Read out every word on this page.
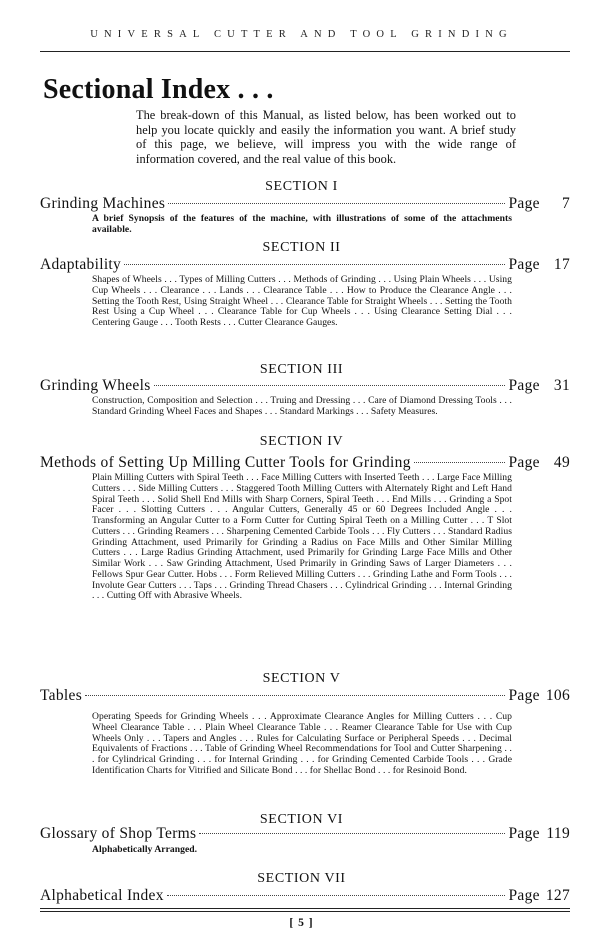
UNIVERSAL CUTTER AND TOOL GRINDING
Sectional Index . . .

The break-down of this Manual, as listed below, has been worked out to help you locate quickly and easily the information you want. A brief study of this page, we believe, will impress you with the wide range of information covered, and the real value of this book.

SECTION I
Grinding Machines	Page 7

A brief Synopsis of the features of the machine, with illustrations of some of the attachments available.

SECTION II
Adaptability	Page 17

Shapes of Wheels . . . Types of Milling Cutters . . . Methods of Grinding . . . Using Plain Wheels . . . Using Cup Wheels . . . Clearance . . . Lands . . . Clearance Table . . . How to Produce the Clearance Angle . . . Setting the Tooth Rest, Using Straight Wheel . . . Clearance Table for Straight Wheels . . . Setting the Tooth Rest Using a Cup Wheel . . . Clearance Table for Cup Wheels . . . Using Clearance Setting Dial . . . Centering Gauge . . . Tooth Rests . . . Cutter Clearance Gauges.

SECTION III
Grinding Wheels	Page 31

Construction, Composition and Selection . . . Truing and Dressing . . . Care of Diamond Dressing Tools . . . Standard Grinding Wheel Faces and Shapes . . . Standard Markings . . . Safety Measures.

SECTION IV
Methods of Setting Up Milling Cutter Tools for Grinding	Page 49

Plain Milling Cutters with Spiral Teeth . . . Face Milling Cutters with Inserted Teeth . . . Large Face Milling Cutters . . . Side Milling Cutters . . . Staggered Tooth Milling Cutters with Alternately Right and Left Hand Spiral Teeth . . . Solid Shell End Mills with Sharp Corners, Spiral Teeth . . . End Mills . . . Grinding a Spot Facer . . . Slotting Cutters . . . Angular Cutters, Generally 45 or 60 Degrees Included Angle . . . Transforming an Angular Cutter to a Form Cutter for Cutting Spiral Teeth on a Milling Cutter . . . T Slot Cutters . . . Grinding Reamers . . . Sharpening Cemented Carbide Tools . . . Fly Cutters . . . Standard Radius Grinding Attachment, used Primarily for Grinding a Radius on Face Mills and Other Similar Milling Cutters . . . Large Radius Grinding Attachment, used Primarily for Grinding Large Face Mills and Other Similar Work . . . Saw Grinding Attachment, Used Primarily in Grinding Saws of Larger Diameters . . . Fellows Spur Gear Cutter. Hobs . . . Form Relieved Milling Cutters . . . Grinding Lathe and Form Tools . . . Involute Gear Cutters . . . Taps . . . Grinding Thread Chasers . . . Cylindrical Grinding . . . Internal Grinding . . . Cutting Off with Abrasive Wheels.

SECTION V
Tables	Page 106

Operating Speeds for Grinding Wheels . . . Approximate Clearance Angles for Milling Cutters . . . Cup Wheel Clearance Table . . . Plain Wheel Clearance Table . . . Reamer Clearance Table for Use with Cup Wheels Only . . . Tapers and Angles . . . Rules for Calculating Surface or Peripheral Speeds . . . Decimal Equivalents of Fractions . . . Table of Grinding Wheel Recommendations for Tool and Cutter Sharpening . . . for Cylindrical Grinding . . . for Internal Grinding . . . for Grinding Cemented Carbide Tools . . . Grade Identification Charts for Vitrified and Silicate Bond . . . for Shellac Bond . . . for Resinoid Bond.

SECTION VI
Glossary of Shop Terms	Page 119

Alphabetically Arranged.

SECTION VII
Alphabetical Index	Page 127
[ 5 ]
